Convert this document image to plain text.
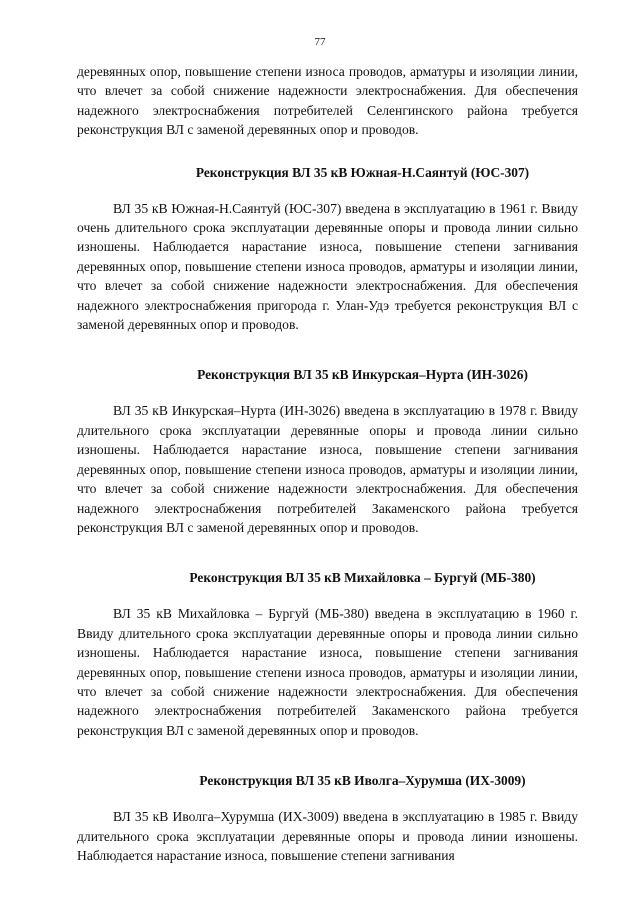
77

деревянных опор, повышение степени износа проводов, арматуры и изоляции линии, что влечет за собой снижение надежности электроснабжения. Для обеспечения надежного электроснабжения потребителей Селенгинского района требуется реконструкция ВЛ с заменой деревянных опор и проводов.

Реконструкция ВЛ 35 кВ Южная-Н.Саянтуй (ЮС-307)

ВЛ 35 кВ Южная-Н.Саянтуй (ЮС-307) введена в эксплуатацию в 1961 г. Ввиду очень длительного срока эксплуатации деревянные опоры и провода линии сильно изношены. Наблюдается нарастание износа, повышение степени загнивания деревянных опор, повышение степени износа проводов, арматуры и изоляции линии, что влечет за собой снижение надежности электроснабжения. Для обеспечения надежного электроснабжения пригорода г. Улан-Удэ требуется реконструкция ВЛ с заменой деревянных опор и проводов.

Реконструкция ВЛ 35 кВ Инкурская–Нурта (ИН-3026)

ВЛ 35 кВ Инкурская–Нурта (ИН-3026) введена в эксплуатацию в 1978 г. Ввиду длительного срока эксплуатации деревянные опоры и провода линии сильно изношены. Наблюдается нарастание износа, повышение степени загнивания деревянных опор, повышение степени износа проводов, арматуры и изоляции линии, что влечет за собой снижение надежности электроснабжения. Для обеспечения надежного электроснабжения потребителей Закаменского района требуется реконструкция ВЛ с заменой деревянных опор и проводов.

Реконструкция ВЛ 35 кВ Михайловка – Бургуй (МБ-380)

ВЛ 35 кВ Михайловка – Бургуй (МБ-380) введена в эксплуатацию в 1960 г. Ввиду длительного срока эксплуатации деревянные опоры и провода линии сильно изношены. Наблюдается нарастание износа, повышение степени загнивания деревянных опор, повышение степени износа проводов, арматуры и изоляции линии, что влечет за собой снижение надежности электроснабжения. Для обеспечения надежного электроснабжения потребителей Закаменского района требуется реконструкция ВЛ с заменой деревянных опор и проводов.

Реконструкция ВЛ 35 кВ Иволга–Хурумша (ИХ-3009)

ВЛ 35 кВ Иволга–Хурумша (ИХ-3009) введена в эксплуатацию в 1985 г. Ввиду длительного срока эксплуатации деревянные опоры и провода линии изношены. Наблюдается нарастание износа, повышение степени загнивания
